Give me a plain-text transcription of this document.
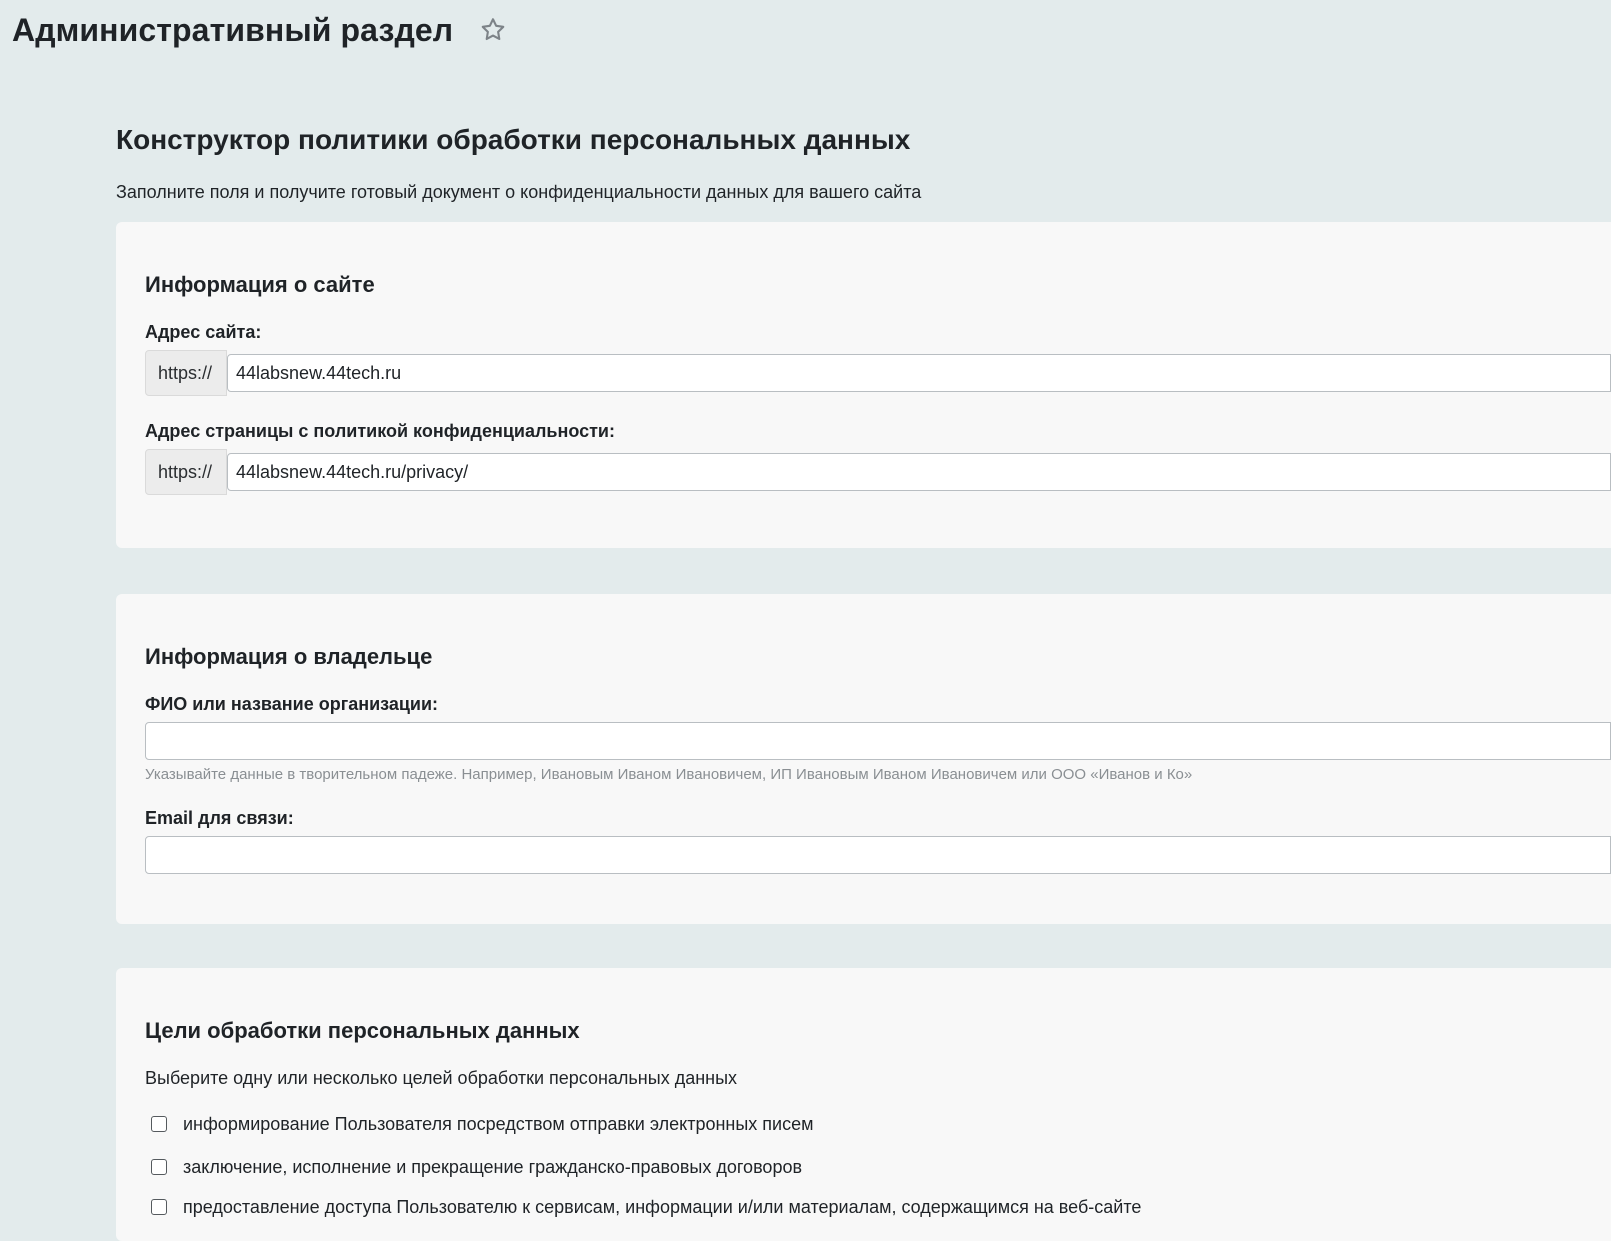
Административный раздел
Конструктор политики обработки персональных данных
Заполните поля и получите готовый документ о конфиденциальности данных для вашего сайта
Информация о сайте
Адрес сайта:
https://
44labsnew.44tech.ru
Адрес страницы с политикой конфиденциальности:
https://
44labsnew.44tech.ru/privacy/
Информация о владельце
ФИО или название организации:
Указывайте данные в творительном падеже. Например, Ивановым Иваном Ивановичем, ИП Ивановым Иваном Ивановичем или ООО «Иванов и Ко»
Email для связи:
Цели обработки персональных данных
Выберите одну или несколько целей обработки персональных данных
информирование Пользователя посредством отправки электронных писем
заключение, исполнение и прекращение гражданско-правовых договоров
предоставление доступа Пользователю к сервисам, информации и/или материалам, содержащимся на веб-сайте
